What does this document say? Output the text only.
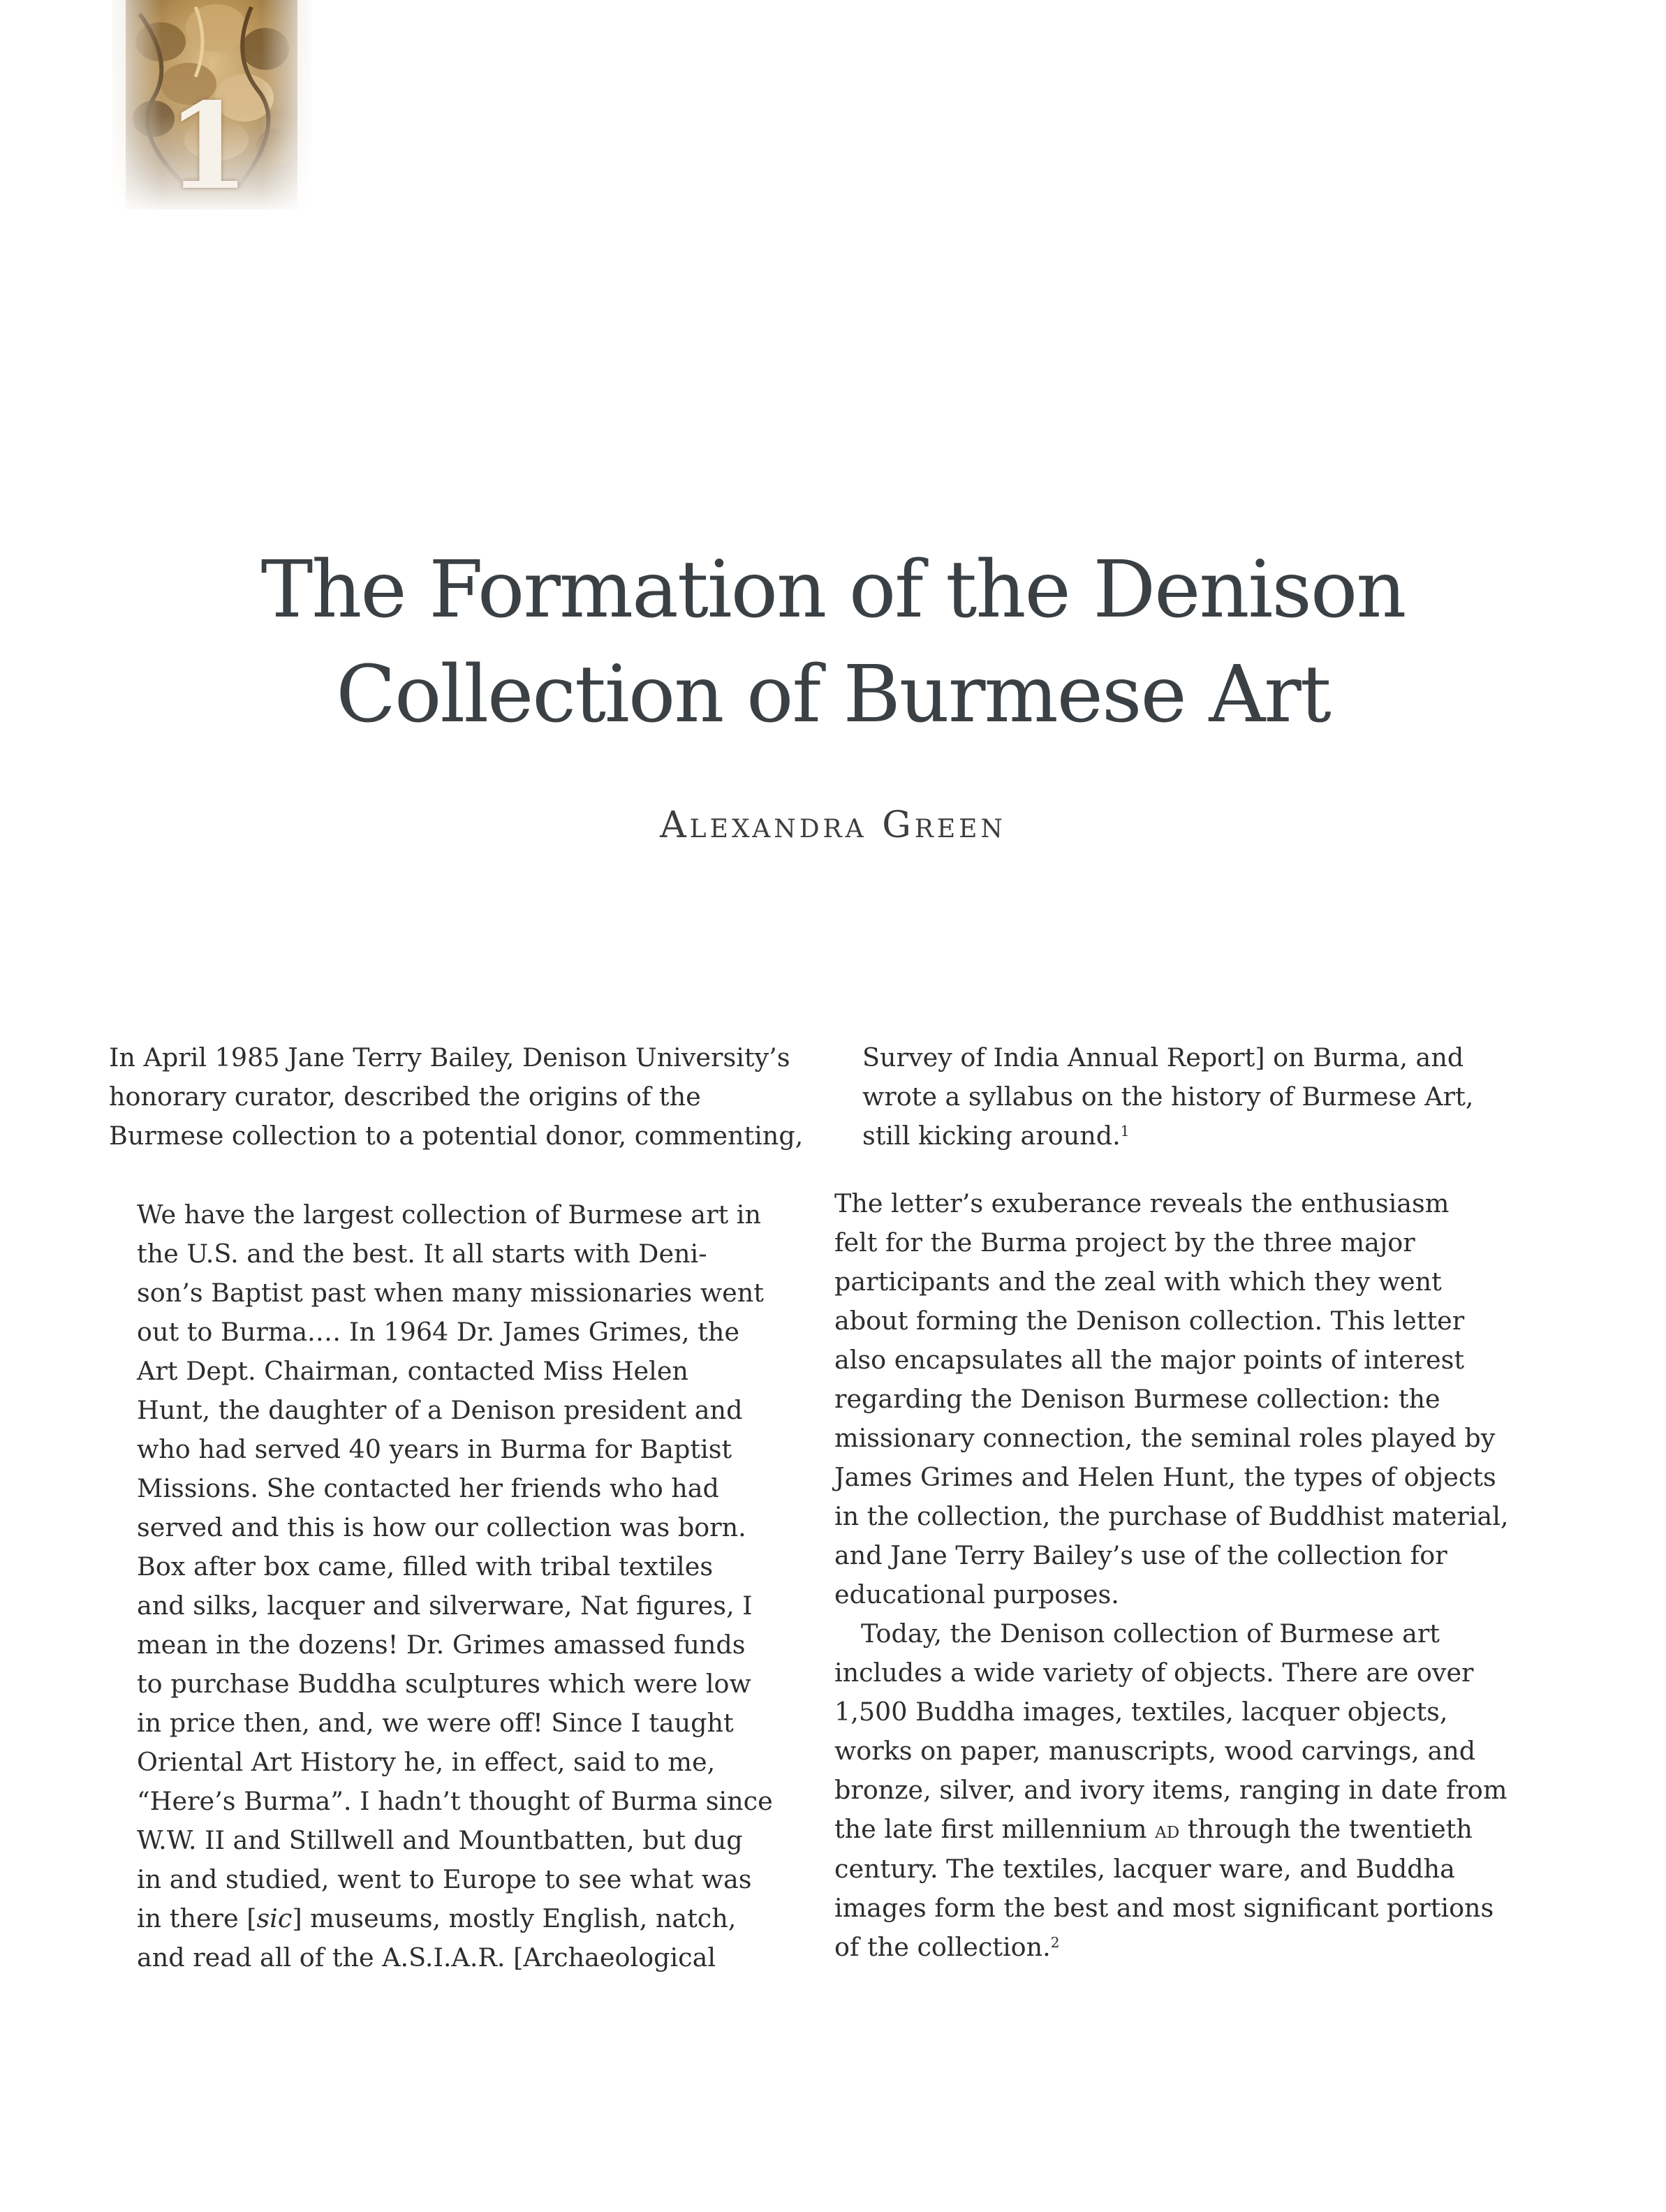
1
The Formation of the Denison
Collection of Burmese Art
Alexandra Green
In April 1985 Jane Terry Bailey, Denison University’s
honorary curator, described the origins of the
Burmese collection to a potential donor, commenting,
We have the largest collection of Burmese art in
the U.S. and the best. It all starts with Deni-
son’s Baptist past when many missionaries went
out to Burma.… In 1964 Dr. James Grimes, the
Art Dept. Chairman, contacted Miss Helen
Hunt, the daughter of a Denison president and
who had served 40 years in Burma for Baptist
Missions. She contacted her friends who had
served and this is how our collection was born.
Box after box came, filled with tribal textiles
and silks, lacquer and silverware, Nat figures, I
mean in the dozens! Dr. Grimes amassed funds
to purchase Buddha sculptures which were low
in price then, and, we were off! Since I taught
Oriental Art History he, in effect, said to me,
“Here’s Burma”. I hadn’t thought of Burma since
W.W. II and Stillwell and Mountbatten, but dug
in and studied, went to Europe to see what was
in there [sic] museums, mostly English, natch,
and read all of the A.S.I.A.R. [Archaeological
Survey of India Annual Report] on Burma, and
wrote a syllabus on the history of Burmese Art,
still kicking around.$^1$
The letter’s exuberance reveals the enthusiasm
felt for the Burma project by the three major
participants and the zeal with which they went
about forming the Denison collection. This letter
also encapsulates all the major points of interest
regarding the Denison Burmese collection: the
missionary connection, the seminal roles played by
James Grimes and Helen Hunt, the types of objects
in the collection, the purchase of Buddhist material,
and Jane Terry Bailey’s use of the collection for
educational purposes.
Today, the Denison collection of Burmese art
includes a wide variety of objects. There are over
1,500 Buddha images, textiles, lacquer objects,
works on paper, manuscripts, wood carvings, and
bronze, silver, and ivory items, ranging in date from
the late first millennium ad through the twentieth
century. The textiles, lacquer ware, and Buddha
images form the best and most significant portions
of the collection.$^2$
